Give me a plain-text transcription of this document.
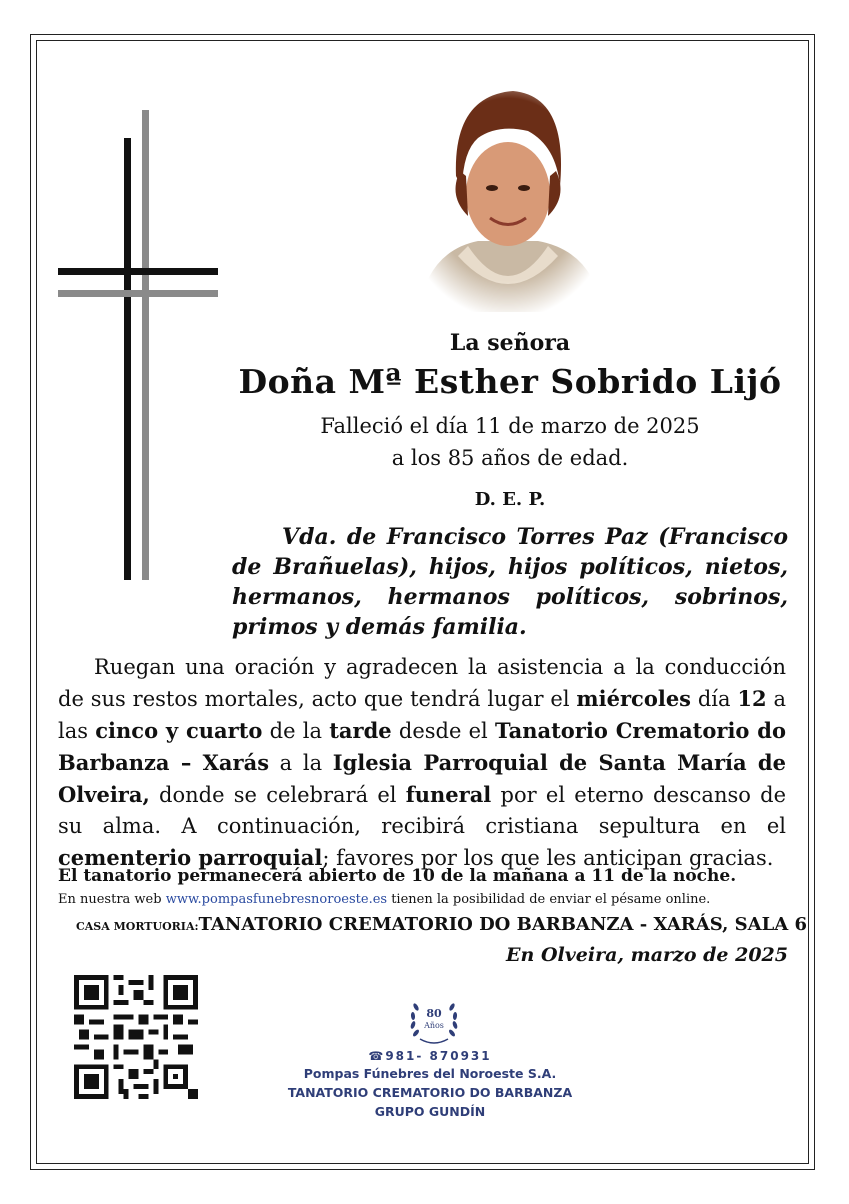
La señora
Doña Mª Esther Sobrido Lijó
Falleció el día 11 de marzo de 2025
a los 85 años de edad.
D. E. P.
Vda. de Francisco Torres Paz (Francisco de Brañuelas), hijos, hijos políticos, nietos, hermanos, hermanos políticos, sobrinos, primos y demás familia.
Ruegan una oración y agradecen la asistencia a la conducción de sus restos mortales, acto que tendrá lugar el miércoles día 12 a las cinco y cuarto de la tarde desde el Tanatorio Crematorio do Barbanza – Xarás a la Iglesia Parroquial de Santa María de Olveira, donde se celebrará el funeral por el eterno descanso de su alma. A continuación, recibirá cristiana sepultura en el cementerio parroquial; favores por los que les anticipan gracias.
El tanatorio permanecerá abierto de 10 de la mañana a 11 de la noche.
En nuestra web www.pompasfunebresnoroeste.es tienen la posibilidad de enviar el pésame online.
CASA MORTUORIA:TANATORIO CREMATORIO DO BARBANZA - XARÁS, SALA 6
En Olveira, marzo de 2025
80
Años
☎981- 870931
Pompas Fúnebres del Noroeste S.A.
TANATORIO CREMATORIO DO BARBANZA
GRUPO GUNDÍN
